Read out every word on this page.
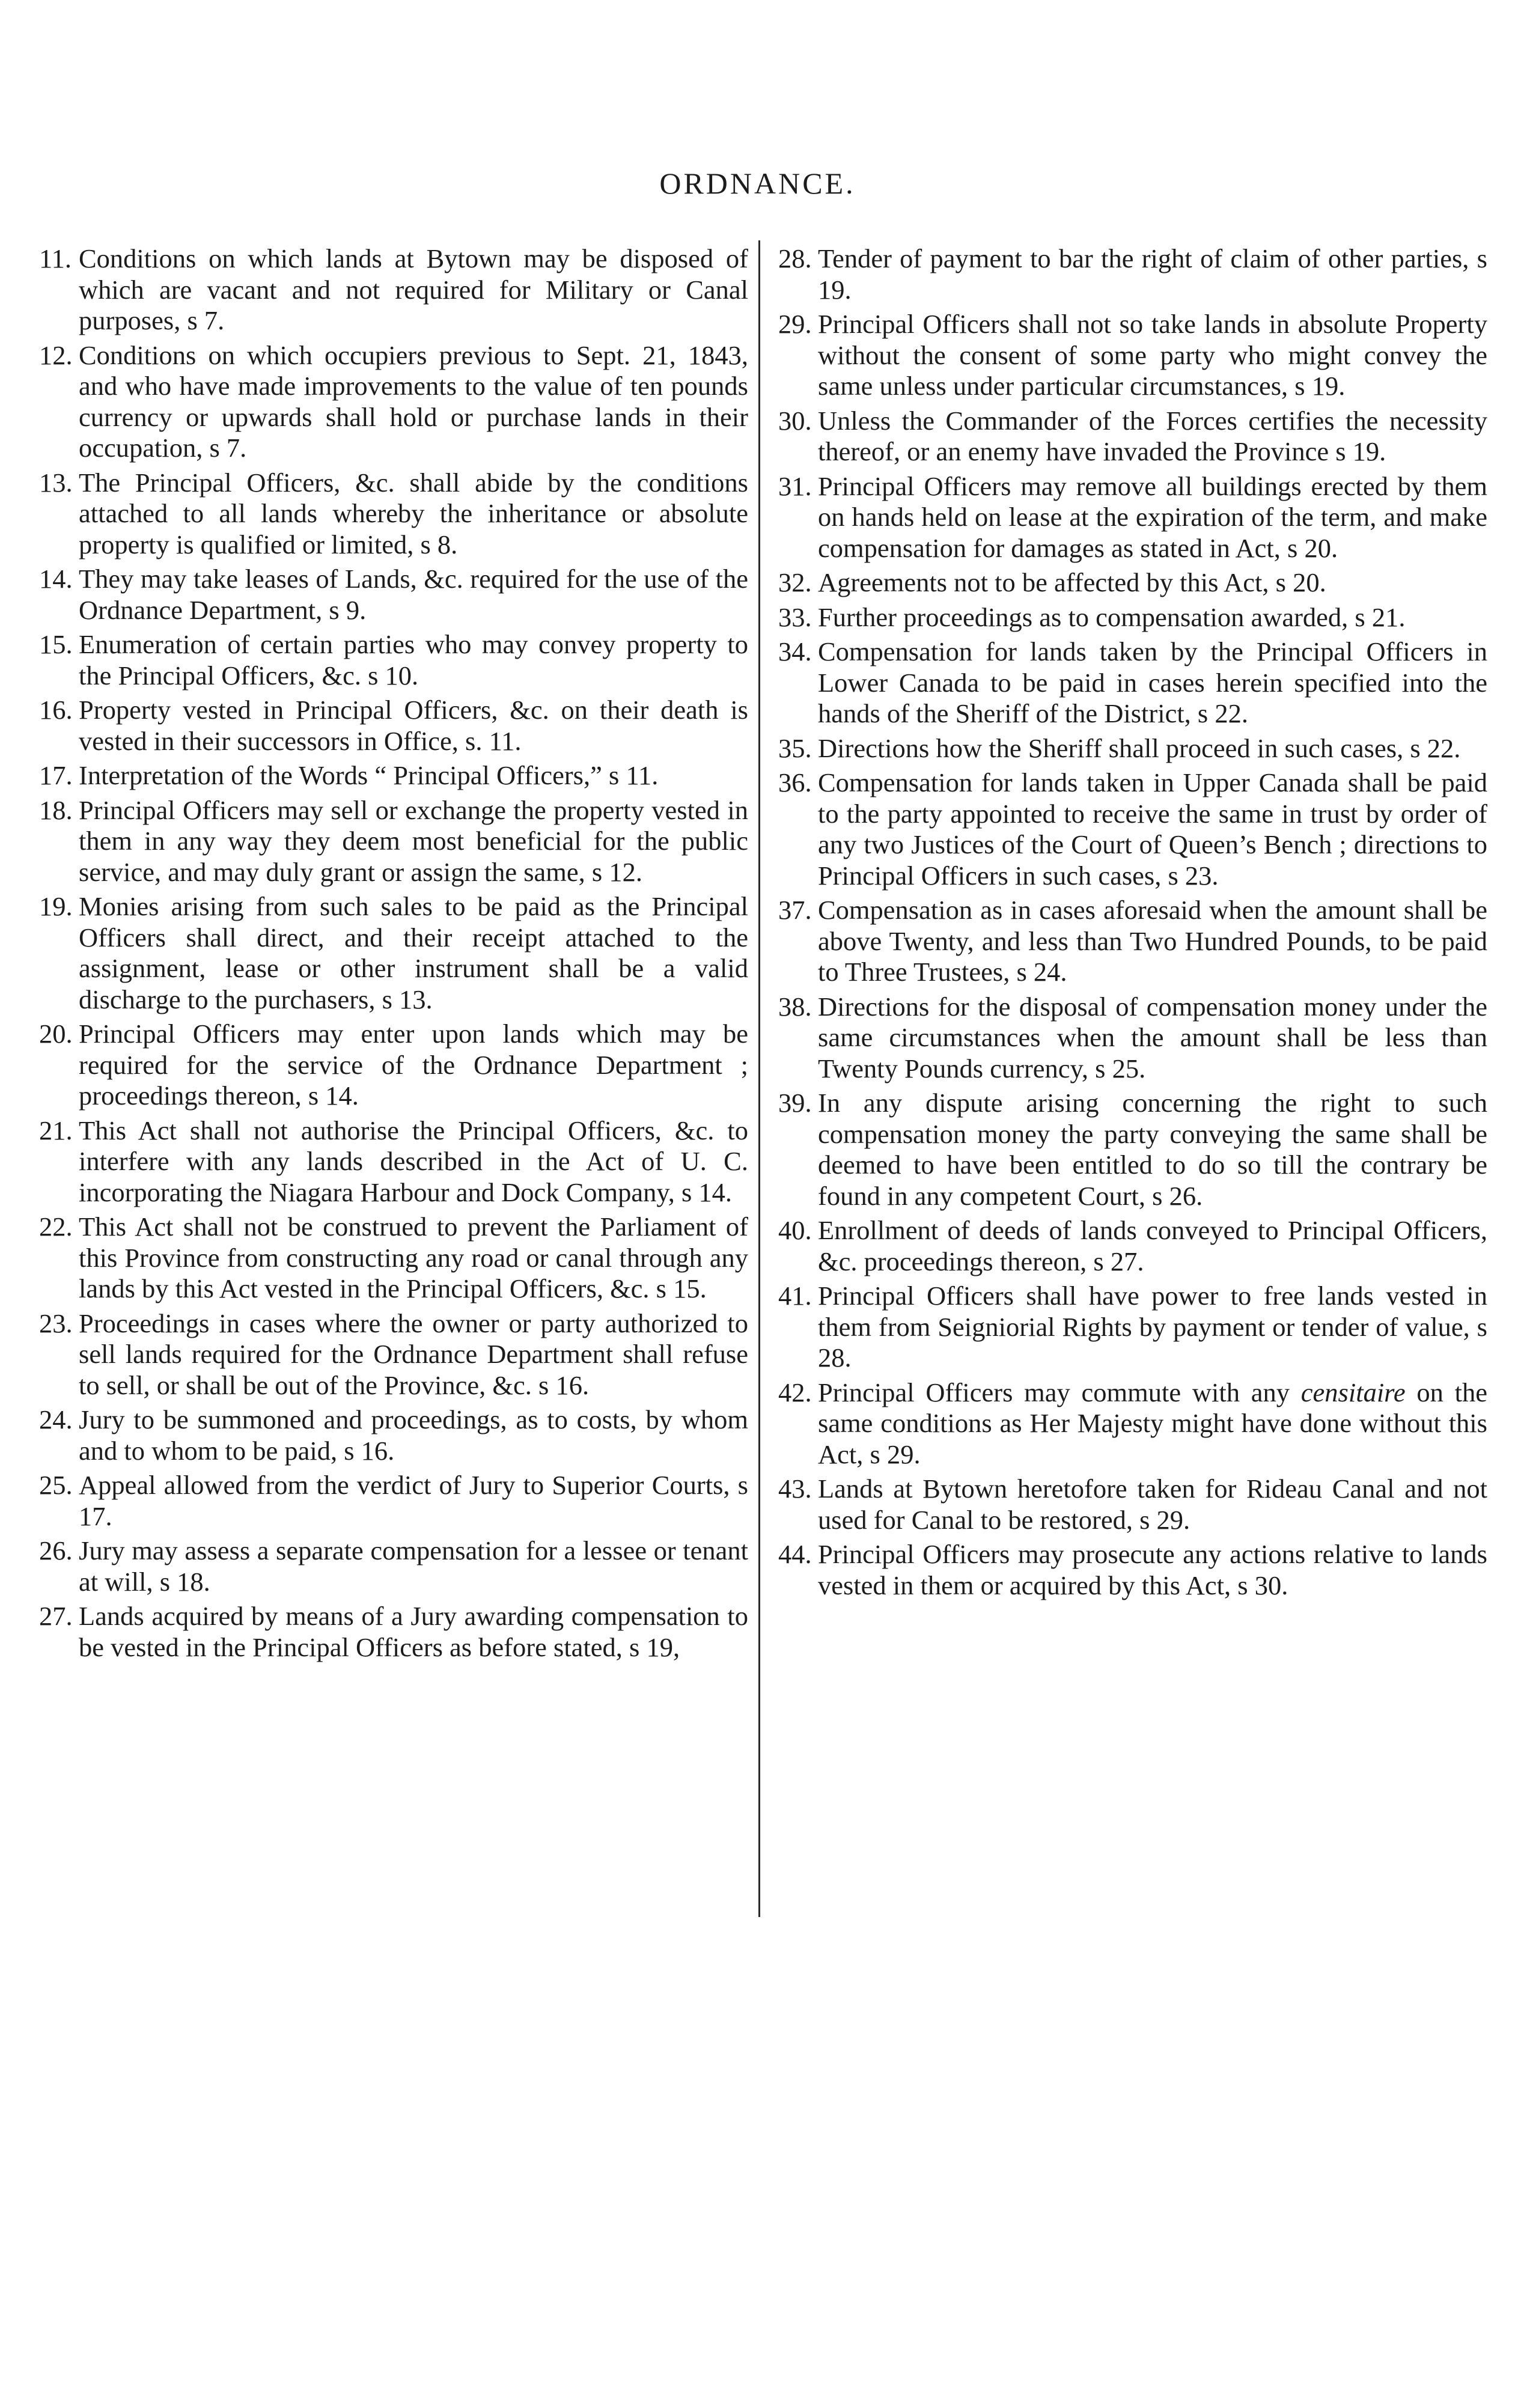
ORDNANCE.
11. Conditions on which lands at Bytown may be disposed of which are vacant and not required for Military or Canal purposes, s 7.
12. Conditions on which occupiers previous to Sept. 21, 1843, and who have made improvements to the value of ten pounds currency or upwards shall hold or purchase lands in their occupation, s 7.
13. The Principal Officers, &c. shall abide by the conditions attached to all lands whereby the inheritance or absolute property is qualified or limited, s 8.
14. They may take leases of Lands, &c. required for the use of the Ordnance Department, s 9.
15. Enumeration of certain parties who may convey property to the Principal Officers, &c. s 10.
16. Property vested in Principal Officers, &c. on their death is vested in their successors in Office, s. 11.
17. Interpretation of the Words “ Principal Officers,” s 11.
18. Principal Officers may sell or exchange the property vested in them in any way they deem most beneficial for the public service, and may duly grant or assign the same, s 12.
19. Monies arising from such sales to be paid as the Principal Officers shall direct, and their receipt attached to the assignment, lease or other instrument shall be a valid discharge to the purchasers, s 13.
20. Principal Officers may enter upon lands which may be required for the service of the Ordnance Department ; proceedings thereon, s 14.
21. This Act shall not authorise the Principal Officers, &c. to interfere with any lands described in the Act of U. C. incorporating the Niagara Harbour and Dock Company, s 14.
22. This Act shall not be construed to prevent the Parliament of this Province from constructing any road or canal through any lands by this Act vested in the Principal Officers, &c. s 15.
23. Proceedings in cases where the owner or party authorized to sell lands required for the Ordnance Department shall refuse to sell, or shall be out of the Province, &c. s 16.
24. Jury to be summoned and proceedings, as to costs, by whom and to whom to be paid, s 16.
25. Appeal allowed from the verdict of Jury to Superior Courts, s 17.
26. Jury may assess a separate compensation for a lessee or tenant at will, s 18.
27. Lands acquired by means of a Jury awarding compensation to be vested in the Principal Officers as before stated, s 19,
28. Tender of payment to bar the right of claim of other parties, s 19.
29. Principal Officers shall not so take lands in absolute Property without the consent of some party who might convey the same unless under particular circumstances, s 19.
30. Unless the Commander of the Forces certifies the necessity thereof, or an enemy have invaded the Province s 19.
31. Principal Officers may remove all buildings erected by them on hands held on lease at the expiration of the term, and make compensation for damages as stated in Act, s 20.
32. Agreements not to be affected by this Act, s 20.
33. Further proceedings as to compensation awarded, s 21.
34. Compensation for lands taken by the Principal Officers in Lower Canada to be paid in cases herein specified into the hands of the Sheriff of the District, s 22.
35. Directions how the Sheriff shall proceed in such cases, s 22.
36. Compensation for lands taken in Upper Canada shall be paid to the party appointed to receive the same in trust by order of any two Justices of the Court of Queen’s Bench ; directions to Principal Officers in such cases, s 23.
37. Compensation as in cases aforesaid when the amount shall be above Twenty, and less than Two Hundred Pounds, to be paid to Three Trustees, s 24.
38. Directions for the disposal of compensation money under the same circumstances when the amount shall be less than Twenty Pounds currency, s 25.
39. In any dispute arising concerning the right to such compensation money the party conveying the same shall be deemed to have been entitled to do so till the contrary be found in any competent Court, s 26.
40. Enrollment of deeds of lands conveyed to Principal Officers, &c. proceedings thereon, s 27.
41. Principal Officers shall have power to free lands vested in them from Seigniorial Rights by payment or tender of value, s 28.
42. Principal Officers may commute with any censitaire on the same conditions as Her Majesty might have done without this Act, s 29.
43. Lands at Bytown heretofore taken for Rideau Canal and not used for Canal to be restored, s 29.
44. Principal Officers may prosecute any actions relative to lands vested in them or acquired by this Act, s 30.
